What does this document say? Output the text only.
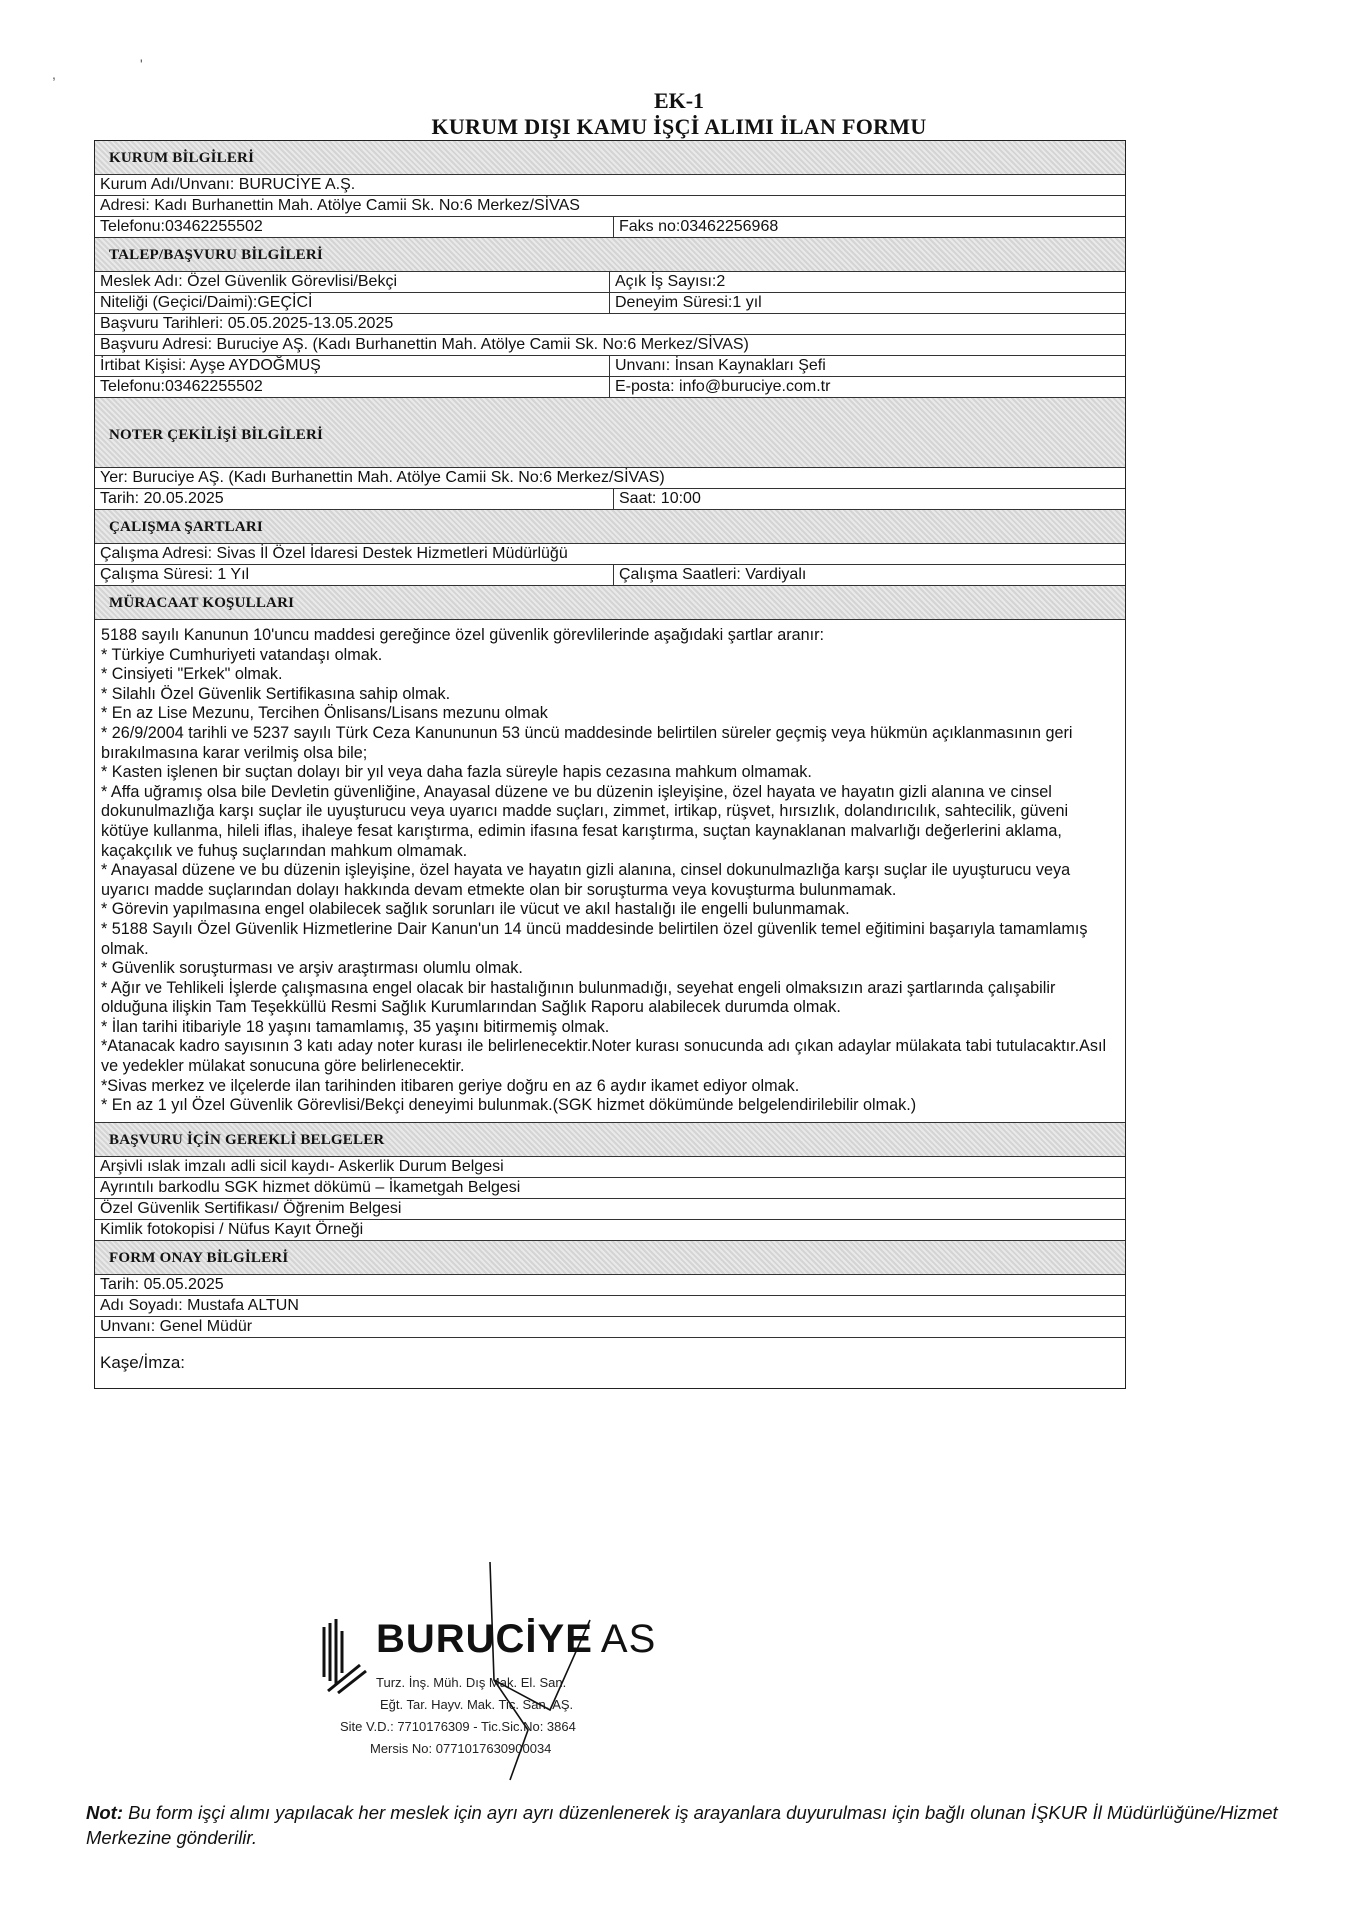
,
'
EK-1
KURUM DIŞI KAMU İŞÇİ ALIMI İLAN FORMU
KURUM BİLGİLERİ
Kurum Adı/Unvanı: BURUCİYE A.Ş.
Adresi: Kadı Burhanettin Mah. Atölye Camii Sk. No:6 Merkez/SİVAS
Telefonu:03462255502	Faks no:03462256968
TALEP/BAŞVURU BİLGİLERİ
Meslek Adı: Özel Güvenlik Görevlisi/Bekçi	Açık İş Sayısı:2
Niteliği (Geçici/Daimi):GEÇİCİ	Deneyim Süresi:1 yıl
Başvuru Tarihleri: 05.05.2025-13.05.2025
Başvuru Adresi: Buruciye AŞ. (Kadı Burhanettin Mah. Atölye Camii Sk. No:6 Merkez/SİVAS)
İrtibat Kişisi: Ayşe AYDOĞMUŞ	Unvanı: İnsan Kaynakları Şefi
Telefonu:03462255502	E-posta: info@buruciye.com.tr
NOTER ÇEKİLİŞİ BİLGİLERİ
Yer: Buruciye AŞ. (Kadı Burhanettin Mah. Atölye Camii Sk. No:6 Merkez/SİVAS)
Tarih: 20.05.2025	Saat: 10:00
ÇALIŞMA ŞARTLARI
Çalışma Adresi: Sivas İl Özel İdaresi Destek Hizmetleri Müdürlüğü
Çalışma Süresi: 1 Yıl	Çalışma Saatleri: Vardiyalı
MÜRACAAT KOŞULLARI

5188 sayılı Kanunun 10'uncu maddesi gereğince özel güvenlik görevlilerinde aşağıdaki şartlar aranır:

* Türkiye Cumhuriyeti vatandaşı olmak.

* Cinsiyeti "Erkek" olmak.

* Silahlı Özel Güvenlik Sertifikasına sahip olmak.

* En az Lise Mezunu, Tercihen Önlisans/Lisans mezunu olmak

* 26/9/2004 tarihli ve 5237 sayılı Türk Ceza Kanununun 53 üncü maddesinde belirtilen süreler geçmiş veya hükmün açıklanmasının geri bırakılmasına karar verilmiş olsa bile;

* Kasten işlenen bir suçtan dolayı bir yıl veya daha fazla süreyle hapis cezasına mahkum olmamak.

* Affa uğramış olsa bile Devletin güvenliğine, Anayasal düzene ve bu düzenin işleyişine, özel hayata ve hayatın gizli alanına ve cinsel dokunulmazlığa karşı suçlar ile uyuşturucu veya uyarıcı madde suçları, zimmet, irtikap, rüşvet, hırsızlık, dolandırıcılık, sahtecilik, güveni kötüye kullanma, hileli iflas, ihaleye fesat karıştırma, edimin ifasına fesat karıştırma, suçtan kaynaklanan malvarlığı değerlerini aklama, kaçakçılık ve fuhuş suçlarından mahkum olmamak.

* Anayasal düzene ve bu düzenin işleyişine, özel hayata ve hayatın gizli alanına, cinsel dokunulmazlığa karşı suçlar ile uyuşturucu veya uyarıcı madde suçlarından dolayı hakkında devam etmekte olan bir soruşturma veya kovuşturma bulunmamak.

* Görevin yapılmasına engel olabilecek sağlık sorunları ile vücut ve akıl hastalığı ile engelli bulunmamak.

* 5188 Sayılı Özel Güvenlik Hizmetlerine Dair Kanun'un 14 üncü maddesinde belirtilen özel güvenlik temel eğitimini başarıyla tamamlamış olmak.

* Güvenlik soruşturması ve arşiv araştırması olumlu olmak.

* Ağır ve Tehlikeli İşlerde çalışmasına engel olacak bir hastalığının bulunmadığı, seyehat engeli olmaksızın arazi şartlarında çalışabilir olduğuna ilişkin Tam Teşekküllü Resmi Sağlık Kurumlarından Sağlık Raporu alabilecek durumda olmak.

* İlan tarihi itibariyle 18 yaşını tamamlamış, 35 yaşını bitirmemiş olmak.

*Atanacak kadro sayısının 3 katı aday noter kurası ile belirlenecektir.Noter kurası sonucunda adı çıkan adaylar mülakata tabi tutulacaktır.Asıl ve yedekler mülakat sonucuna göre belirlenecektir.

*Sivas merkez ve ilçelerde ilan tarihinden itibaren geriye doğru en az 6 aydır ikamet ediyor olmak.

* En az 1 yıl Özel Güvenlik Görevlisi/Bekçi deneyimi bulunmak.(SGK hizmet dökümünde belgelendirilebilir olmak.)

BAŞVURU İÇİN GEREKLİ BELGELER
Arşivli ıslak imzalı adli sicil kaydı- Askerlik Durum Belgesi
Ayrıntılı barkodlu SGK hizmet dökümü – İkametgah Belgesi
Özel Güvenlik Sertifikası/ Öğrenim Belgesi
Kimlik fotokopisi / Nüfus Kayıt Örneği
FORM ONAY BİLGİLERİ
Tarih: 05.05.2025
Adı Soyadı: Mustafa ALTUN
Unvanı: Genel Müdür
Kaşe/İmza:
BURUCİYE AS
Turz. İnş. Müh. Dış Mak. El. San.
Eğt. Tar. Hayv. Mak. Tic. San. AŞ.
Site V.D.: 7710176309 - Tic.Sic.No: 3864
Mersis No: 0771017630900034
Not: Bu form işçi alımı yapılacak her meslek için ayrı ayrı düzenlenerek iş arayanlara duyurulması için bağlı olunan İŞKUR İl Müdürlüğüne/Hizmet Merkezine gönderilir.
